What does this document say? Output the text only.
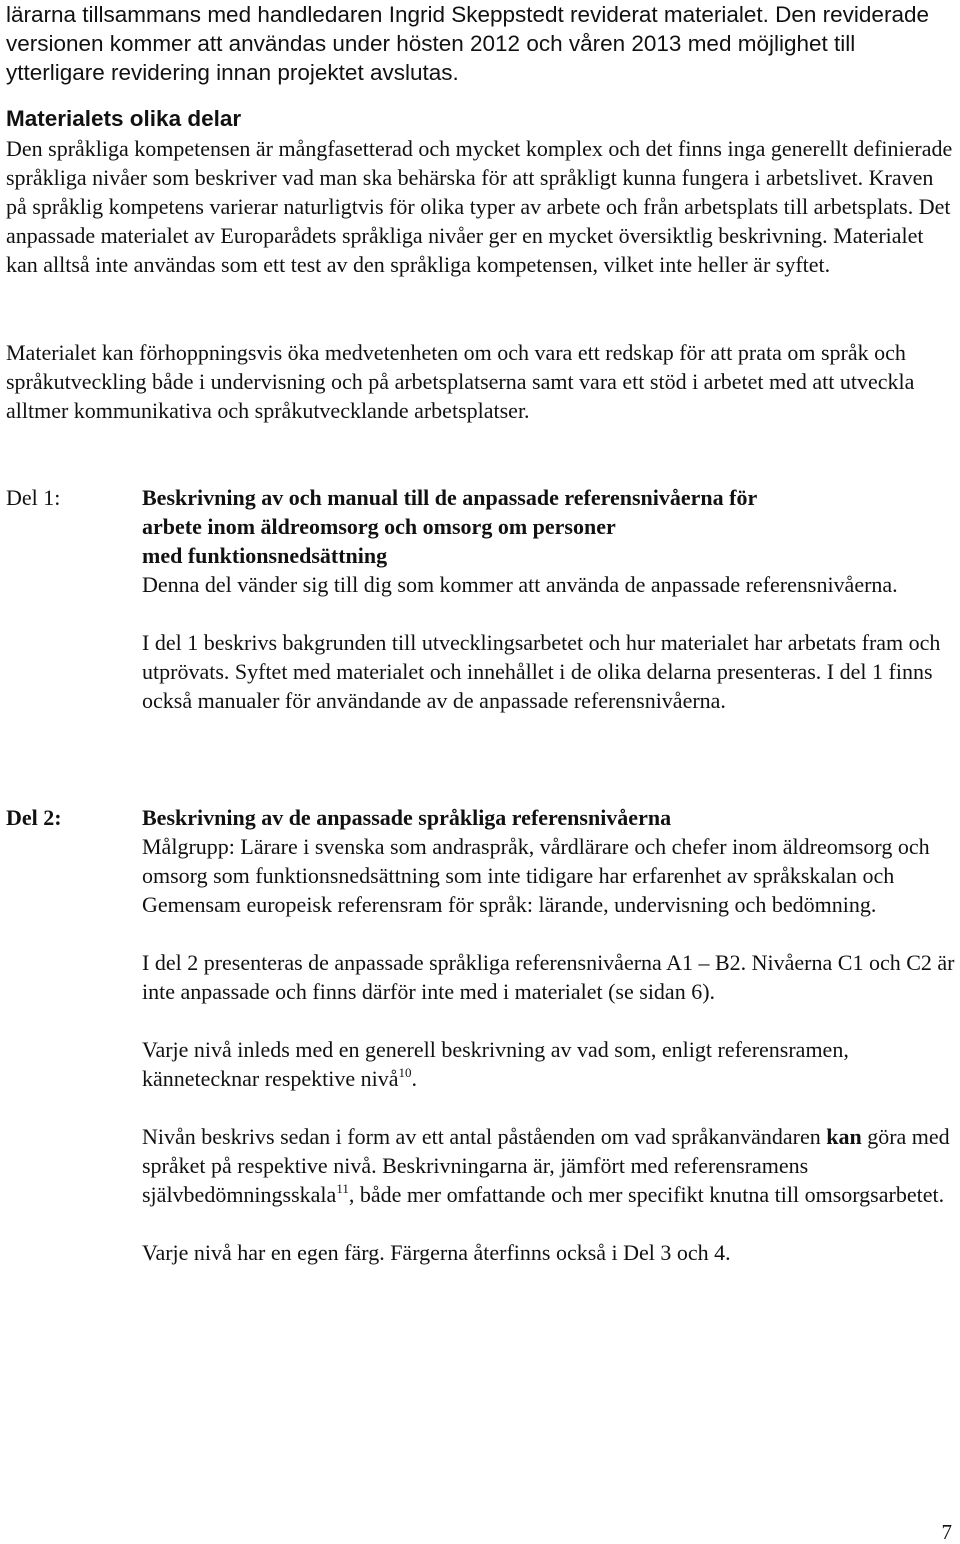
lärarna tillsammans med handledaren Ingrid Skeppstedt reviderat materialet. Den reviderade versionen kommer att användas under hösten 2012 och våren 2013 med möjlighet till ytterligare revidering innan projektet avslutas.

Materialets olika delar

Den språkliga kompetensen är mångfasetterad och mycket komplex och det finns inga generellt definierade språkliga nivåer som beskriver vad man ska behärska för att språkligt kunna fungera i arbetslivet. Kraven på språklig kompetens varierar naturligtvis för olika typer av arbete och från arbetsplats till arbetsplats. Det anpassade materialet av Europarådets språkliga nivåer ger en mycket översiktlig beskrivning. Materialet kan alltså inte användas som ett test av den språkliga kompetensen, vilket inte heller är syftet.

Materialet kan förhoppningsvis öka medvetenheten om och vara ett redskap för att prata om språk och språkutveckling både i undervisning och på arbetsplatserna samt vara ett stöd i arbetet med att utveckla alltmer kommunikativa och språkutvecklande arbetsplatser.

Del 1:	Beskrivning av och manual till de anpassade referensnivåerna för
arbete inom äldreomsorg och omsorg om personer
med funktionsnedsättning

Denna del vänder sig till dig som kommer att använda de anpassade referensnivåerna.

I del 1 beskrivs bakgrunden till utvecklingsarbetet och hur materialet har arbetats fram och utprövats. Syftet med materialet och innehållet i de olika delarna presenteras. I del 1 finns också manualer för användande av de anpassade referensnivåerna.

Del 2:	Beskrivning av de anpassade språkliga referensnivåerna

Målgrupp: Lärare i svenska som andraspråk, vårdlärare och chefer inom äldreomsorg och omsorg som funktionsnedsättning som inte tidigare har erfarenhet av språkskalan och Gemensam europeisk referensram för språk: lärande, undervisning och bedömning.

I del 2 presenteras de anpassade språkliga referensnivåerna A1 – B2. Nivåerna C1 och C2 är inte anpassade och finns därför inte med i materialet (se sidan 6).

Varje nivå inleds med en generell beskrivning av vad som, enligt referensramen, kännetecknar respektive nivå$^{10}$.

Nivån beskrivs sedan i form av ett antal påståenden om vad språkanvändaren kan göra med språket på respektive nivå. Beskrivningarna är, jämfört med referensramens självbedömningsskala$^{11}$, både mer omfattande och mer specifikt knutna till omsorgsarbetet.

Varje nivå har en egen färg. Färgerna återfinns också i Del 3 och 4.

7
